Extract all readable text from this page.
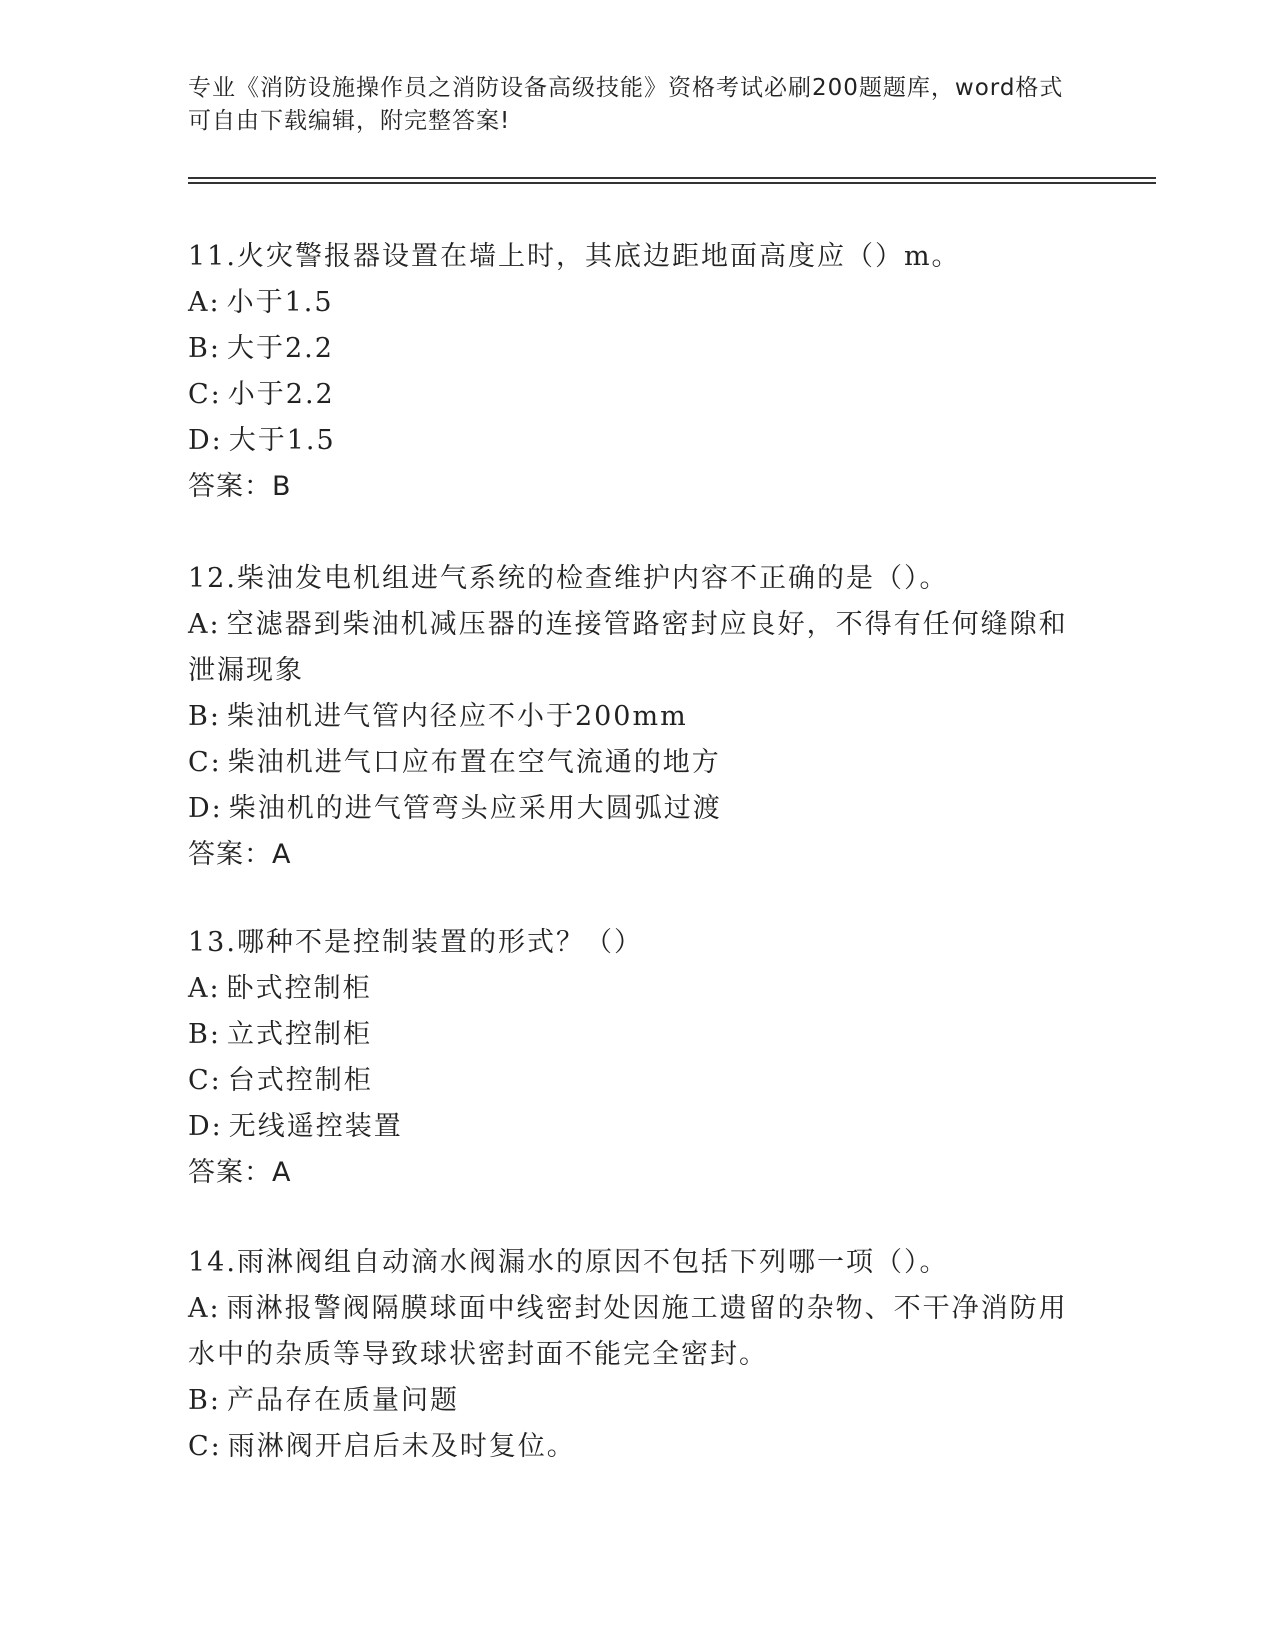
专业《消防设施操作员之消防设备高级技能》资格考试必刷200题题库，word格式可自由下载编辑，附完整答案!
11.火灾警报器设置在墙上时，其底边距地面高度应（）m。
A: 小于1.5
B: 大于2.2
C: 小于2.2
D: 大于1.5
答案：B
12.柴油发电机组进气系统的检查维护内容不正确的是（）。
A: 空滤器到柴油机减压器的连接管路密封应良好，不得有任何缝隙和泄漏现象
B: 柴油机进气管内径应不小于200mm
C: 柴油机进气口应布置在空气流通的地方
D: 柴油机的进气管弯头应采用大圆弧过渡
答案：A
13.哪种不是控制装置的形式？（）
A: 卧式控制柜
B: 立式控制柜
C: 台式控制柜
D: 无线遥控装置
答案：A
14.雨淋阀组自动滴水阀漏水的原因不包括下列哪一项（）。
A: 雨淋报警阀隔膜球面中线密封处因施工遗留的杂物、不干净消防用水中的杂质等导致球状密封面不能完全密封。
B: 产品存在质量问题
C: 雨淋阀开启后未及时复位。
